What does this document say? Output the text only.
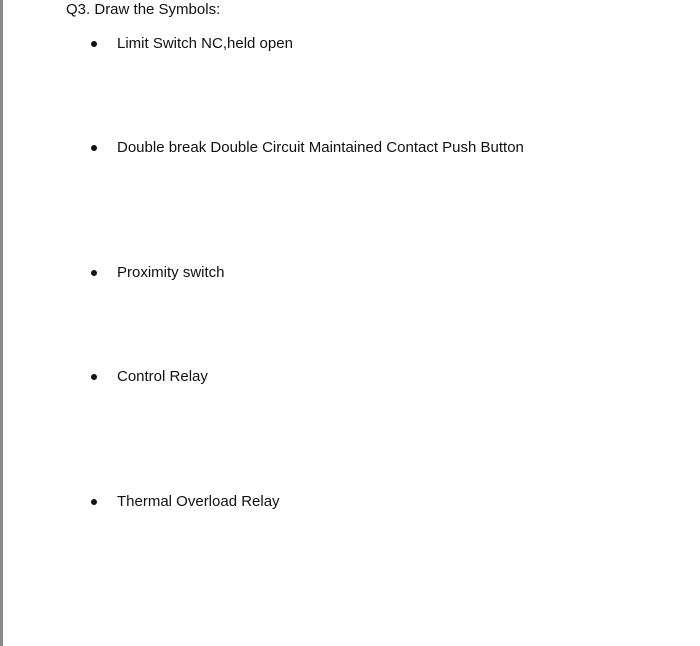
Q3. Draw the Symbols:
Limit Switch NC,held open
Double break Double Circuit Maintained Contact Push Button
Proximity switch
Control Relay
Thermal Overload Relay
